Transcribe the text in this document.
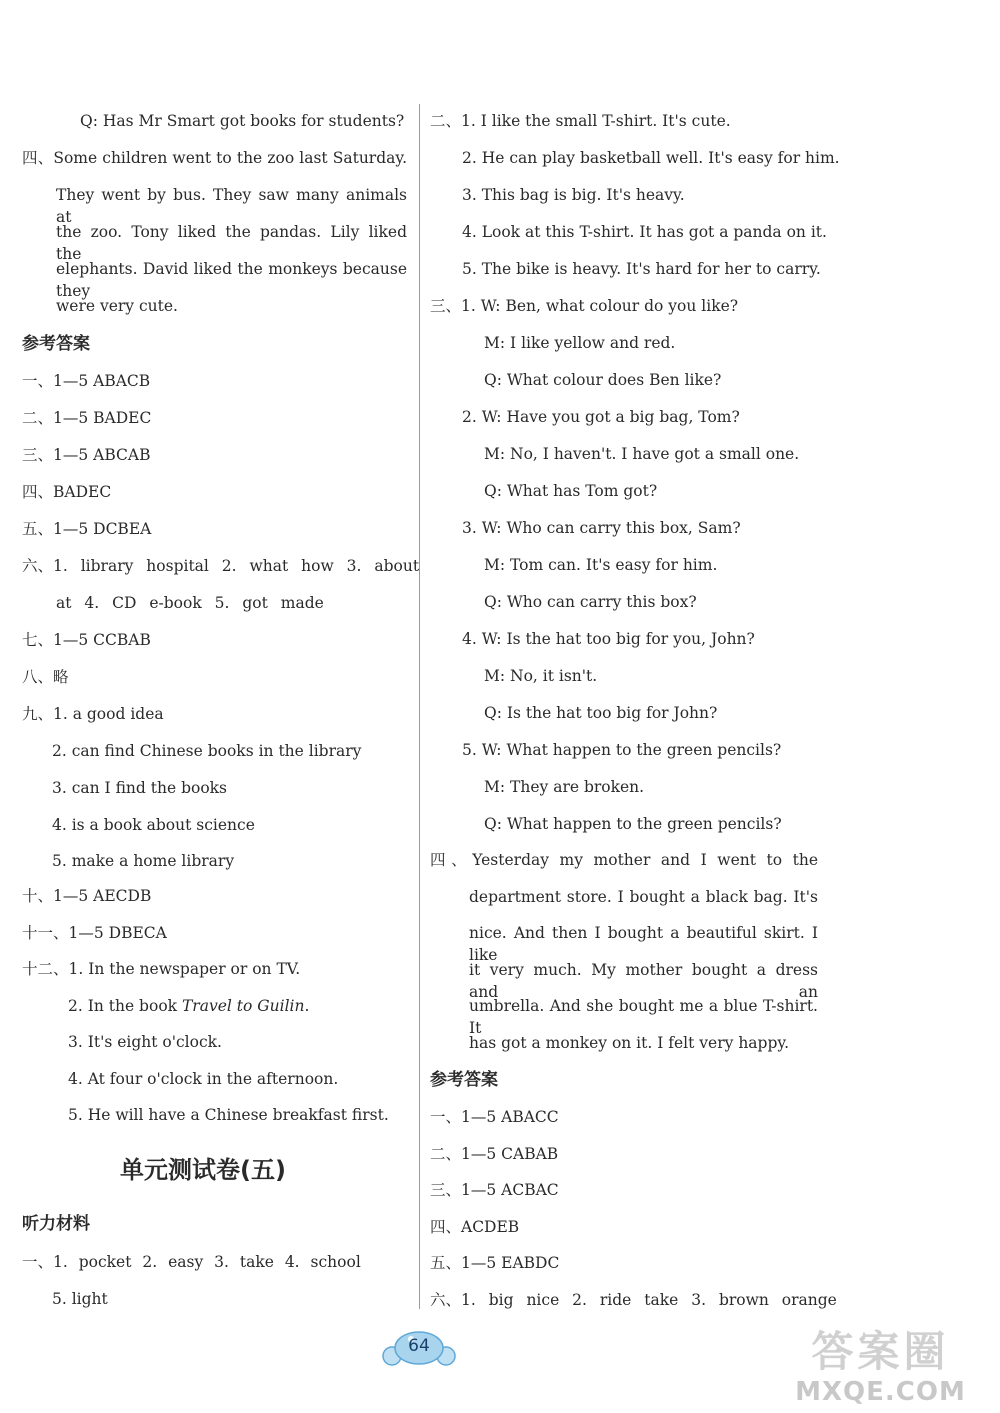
Q: Has Mr Smart got books for students?
四、Some children went to the zoo last Saturday.
They went by bus. They saw many animals at
the zoo. Tony liked the pandas. Lily liked the
elephants. David liked the monkeys because they
were very cute.
参考答案
一、1—5 ABACB
二、1—5 BADEC
三、1—5 ABCAB
四、BADEC
五、1—5 DCBEA
六、1. library hospital 2. what how 3. about
at 4. CD e-book 5. got made
七、1—5 CCBAB
八、略
九、1. a good idea
2. can find Chinese books in the library
3. can I find the books
4. is a book about science
5. make a home library
十、1—5 AECDB
十一、1—5 DBECA
十二、1. In the newspaper or on TV.
2. In the book Travel to Guilin.
3. It's eight o'clock.
4. At four o'clock in the afternoon.
5. He will have a Chinese breakfast first.
单元测试卷(五)
听力材料
一、1. pocket 2. easy 3. take 4. school
5. light
二、1. I like the small T-shirt. It's cute.
2. He can play basketball well. It's easy for him.
3. This bag is big. It's heavy.
4. Look at this T-shirt. It has got a panda on it.
5. The bike is heavy. It's hard for her to carry.
三、1. W: Ben, what colour do you like?
M: I like yellow and red.
Q: What colour does Ben like?
2. W: Have you got a big bag, Tom?
M: No, I haven't. I have got a small one.
Q: What has Tom got?
3. W: Who can carry this box, Sam?
M: Tom can. It's easy for him.
Q: Who can carry this box?
4. W: Is the hat too big for you, John?
M: No, it isn't.
Q: Is the hat too big for John?
5. W: What happen to the green pencils?
M: They are broken.
Q: What happen to the green pencils?
四、Yesterday my mother and I went to the
department store. I bought a black bag. It's
nice. And then I bought a beautiful skirt. I like
it very much. My mother bought a dress and an
umbrella. And she bought me a blue T-shirt. It
has got a monkey on it. I felt very happy.
参考答案
一、1—5 ABACC
二、1—5 CABAB
三、1—5 ACBAC
四、ACDEB
五、1—5 EABDC
六、1. big nice 2. ride take 3. brown orange
64	答案圈
MXQE.COM
